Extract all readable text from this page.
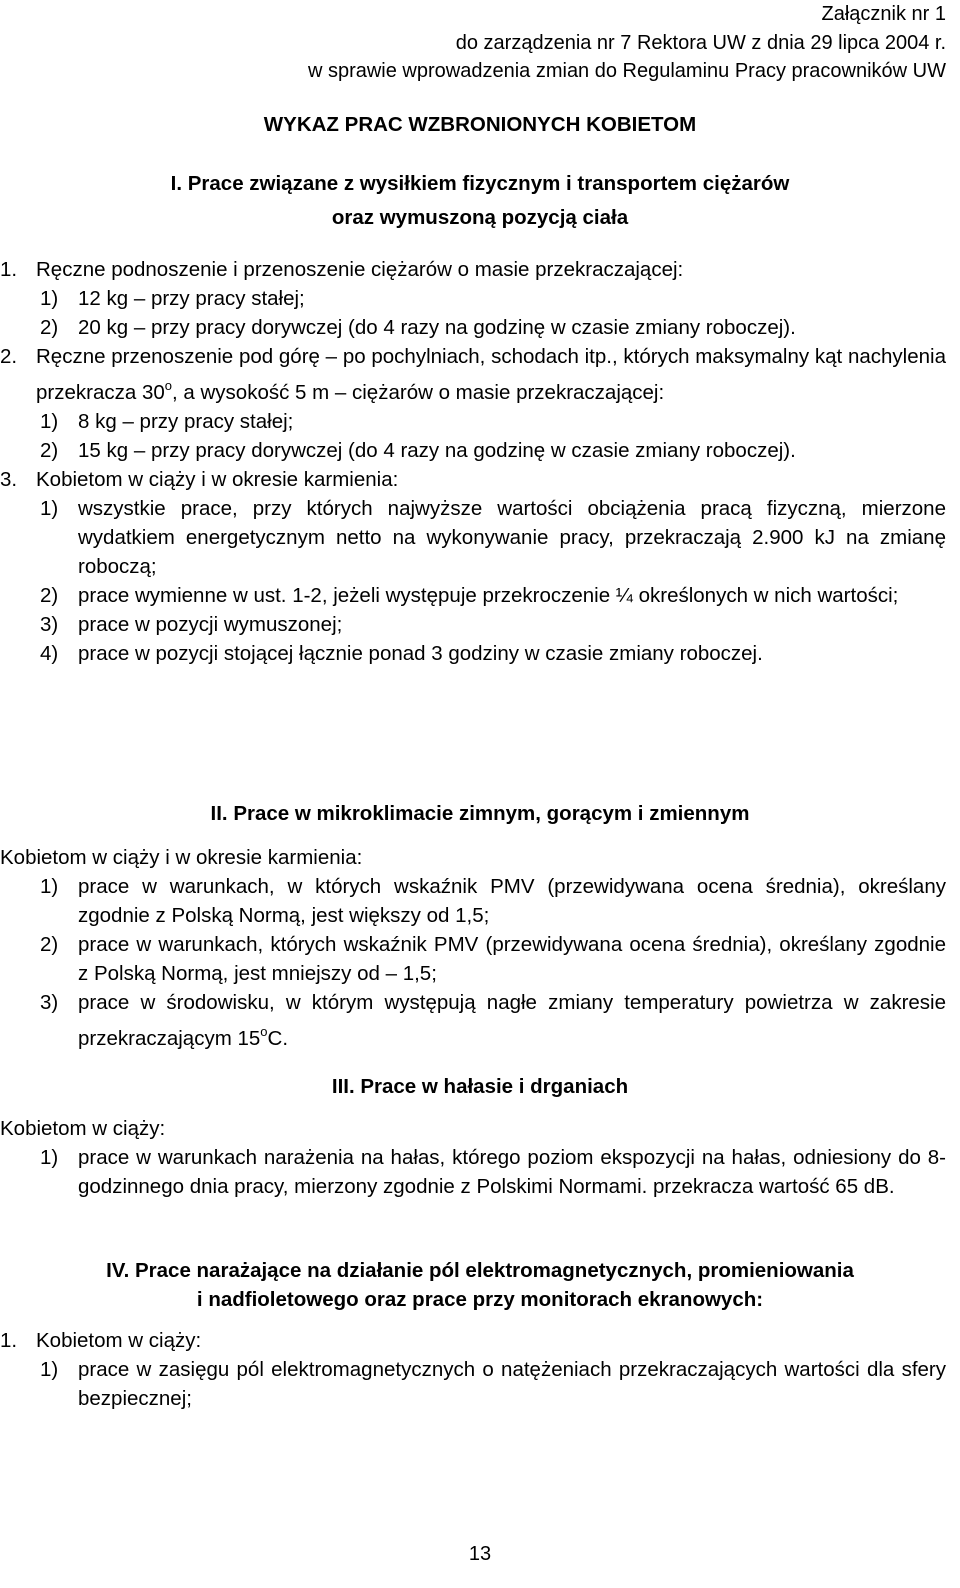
Załącznik nr 1
do zarządzenia nr 7 Rektora UW z dnia 29 lipca 2004 r.
w sprawie wprowadzenia zmian do Regulaminu Pracy pracowników UW
WYKAZ PRAC WZBRONIONYCH KOBIETOM
I. Prace związane z wysiłkiem fizycznym i transportem ciężarów
oraz wymuszoną pozycją ciała
1. Ręczne podnoszenie i przenoszenie ciężarów o masie przekraczającej:
1) 12 kg – przy pracy stałej;
2) 20 kg – przy pracy dorywczej (do 4 razy na godzinę w czasie zmiany roboczej).
2. Ręczne przenoszenie pod górę – po pochylniach, schodach itp., których maksymalny kąt nachylenia przekracza 30$^o$, a wysokość 5 m – ciężarów o masie przekraczającej:
1) 8 kg – przy pracy stałej;
2) 15 kg – przy pracy dorywczej (do 4 razy na godzinę w czasie zmiany roboczej).
3. Kobietom w ciąży i w okresie karmienia:
1) wszystkie prace, przy których najwyższe wartości obciążenia pracą fizyczną, mierzone wydatkiem energetycznym netto na wykonywanie pracy, przekraczają 2.900 kJ na zmianę roboczą;
2) prace wymienne w ust. 1-2, jeżeli występuje przekroczenie ¼ określonych w nich wartości;
3) prace w pozycji wymuszonej;
4) prace w pozycji stojącej łącznie ponad 3 godziny w czasie zmiany roboczej.
II. Prace w mikroklimacie zimnym, gorącym i zmiennym
Kobietom w ciąży i w okresie karmienia:
1) prace w warunkach, w których wskaźnik PMV (przewidywana ocena średnia), określany zgodnie z Polską Normą, jest większy od 1,5;
2) prace w warunkach, których wskaźnik PMV (przewidywana ocena średnia), określany zgodnie z Polską Normą, jest mniejszy od – 1,5;
3) prace w środowisku, w którym występują nagłe zmiany temperatury powietrza w zakresie przekraczającym 15$^o$C.
III. Prace w hałasie i drganiach
Kobietom w ciąży:
1) prace w warunkach narażenia na hałas, którego poziom ekspozycji na hałas, odniesiony do 8-godzinnego dnia pracy, mierzony zgodnie z Polskimi Normami. przekracza wartość 65 dB.
IV. Prace narażające na działanie pól elektromagnetycznych, promieniowania
i nadfioletowego oraz prace przy monitorach ekranowych:
1. Kobietom w ciąży:
1) prace w zasięgu pól elektromagnetycznych o natężeniach przekraczających wartości dla sfery bezpiecznej;
13
